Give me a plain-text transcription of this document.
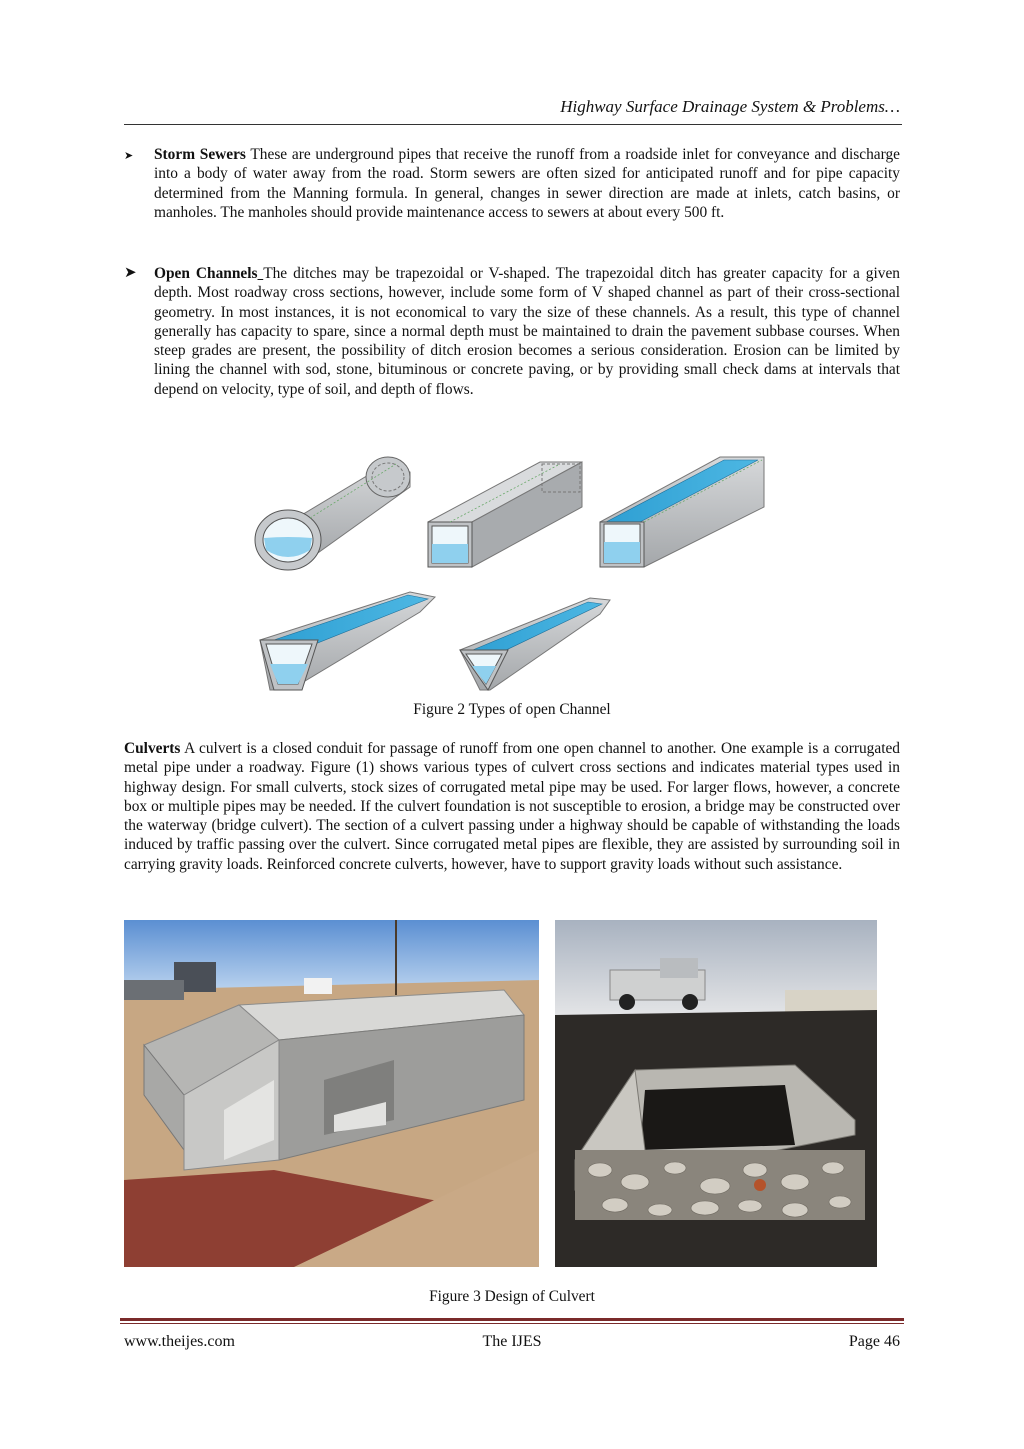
Highway Surface Drainage System & Problems…
➤ Storm Sewers These are underground pipes that receive the runoff from a roadside inlet for conveyance and discharge into a body of water away from the road. Storm sewers are often sized for anticipated runoff and for pipe capacity determined from the Manning formula. In general, changes in sewer direction are made at inlets, catch basins, or manholes. The manholes should provide maintenance access to sewers at about every 500 ft.
➤ Open Channels The ditches may be trapezoidal or V-shaped. The trapezoidal ditch has greater capacity for a given depth. Most roadway cross sections, however, include some form of V shaped channel as part of their cross-sectional geometry. In most instances, it is not economical to vary the size of these channels. As a result, this type of channel generally has capacity to spare, since a normal depth must be maintained to drain the pavement subbase courses. When steep grades are present, the possibility of ditch erosion becomes a serious consideration. Erosion can be limited by lining the channel with sod, stone, bituminous or concrete paving, or by providing small check dams at intervals that depend on velocity, type of soil, and depth of flows.
Figure 2 Types of open Channel
Culverts A culvert is a closed conduit for passage of runoff from one open channel to another. One example is a corrugated metal pipe under a roadway. Figure (1) shows various types of culvert cross sections and indicates material types used in highway design. For small culverts, stock sizes of corrugated metal pipe may be used. For larger flows, however, a concrete box or multiple pipes may be needed. If the culvert foundation is not susceptible to erosion, a bridge may be constructed over the waterway (bridge culvert). The section of a culvert passing under a highway should be capable of withstanding the loads induced by traffic passing over the culvert. Since corrugated metal pipes are flexible, they are assisted by surrounding soil in carrying gravity loads. Reinforced concrete culverts, however, have to support gravity loads without such assistance.
Figure 3 Design of Culvert
www.theijes.com	The IJES	Page 46
